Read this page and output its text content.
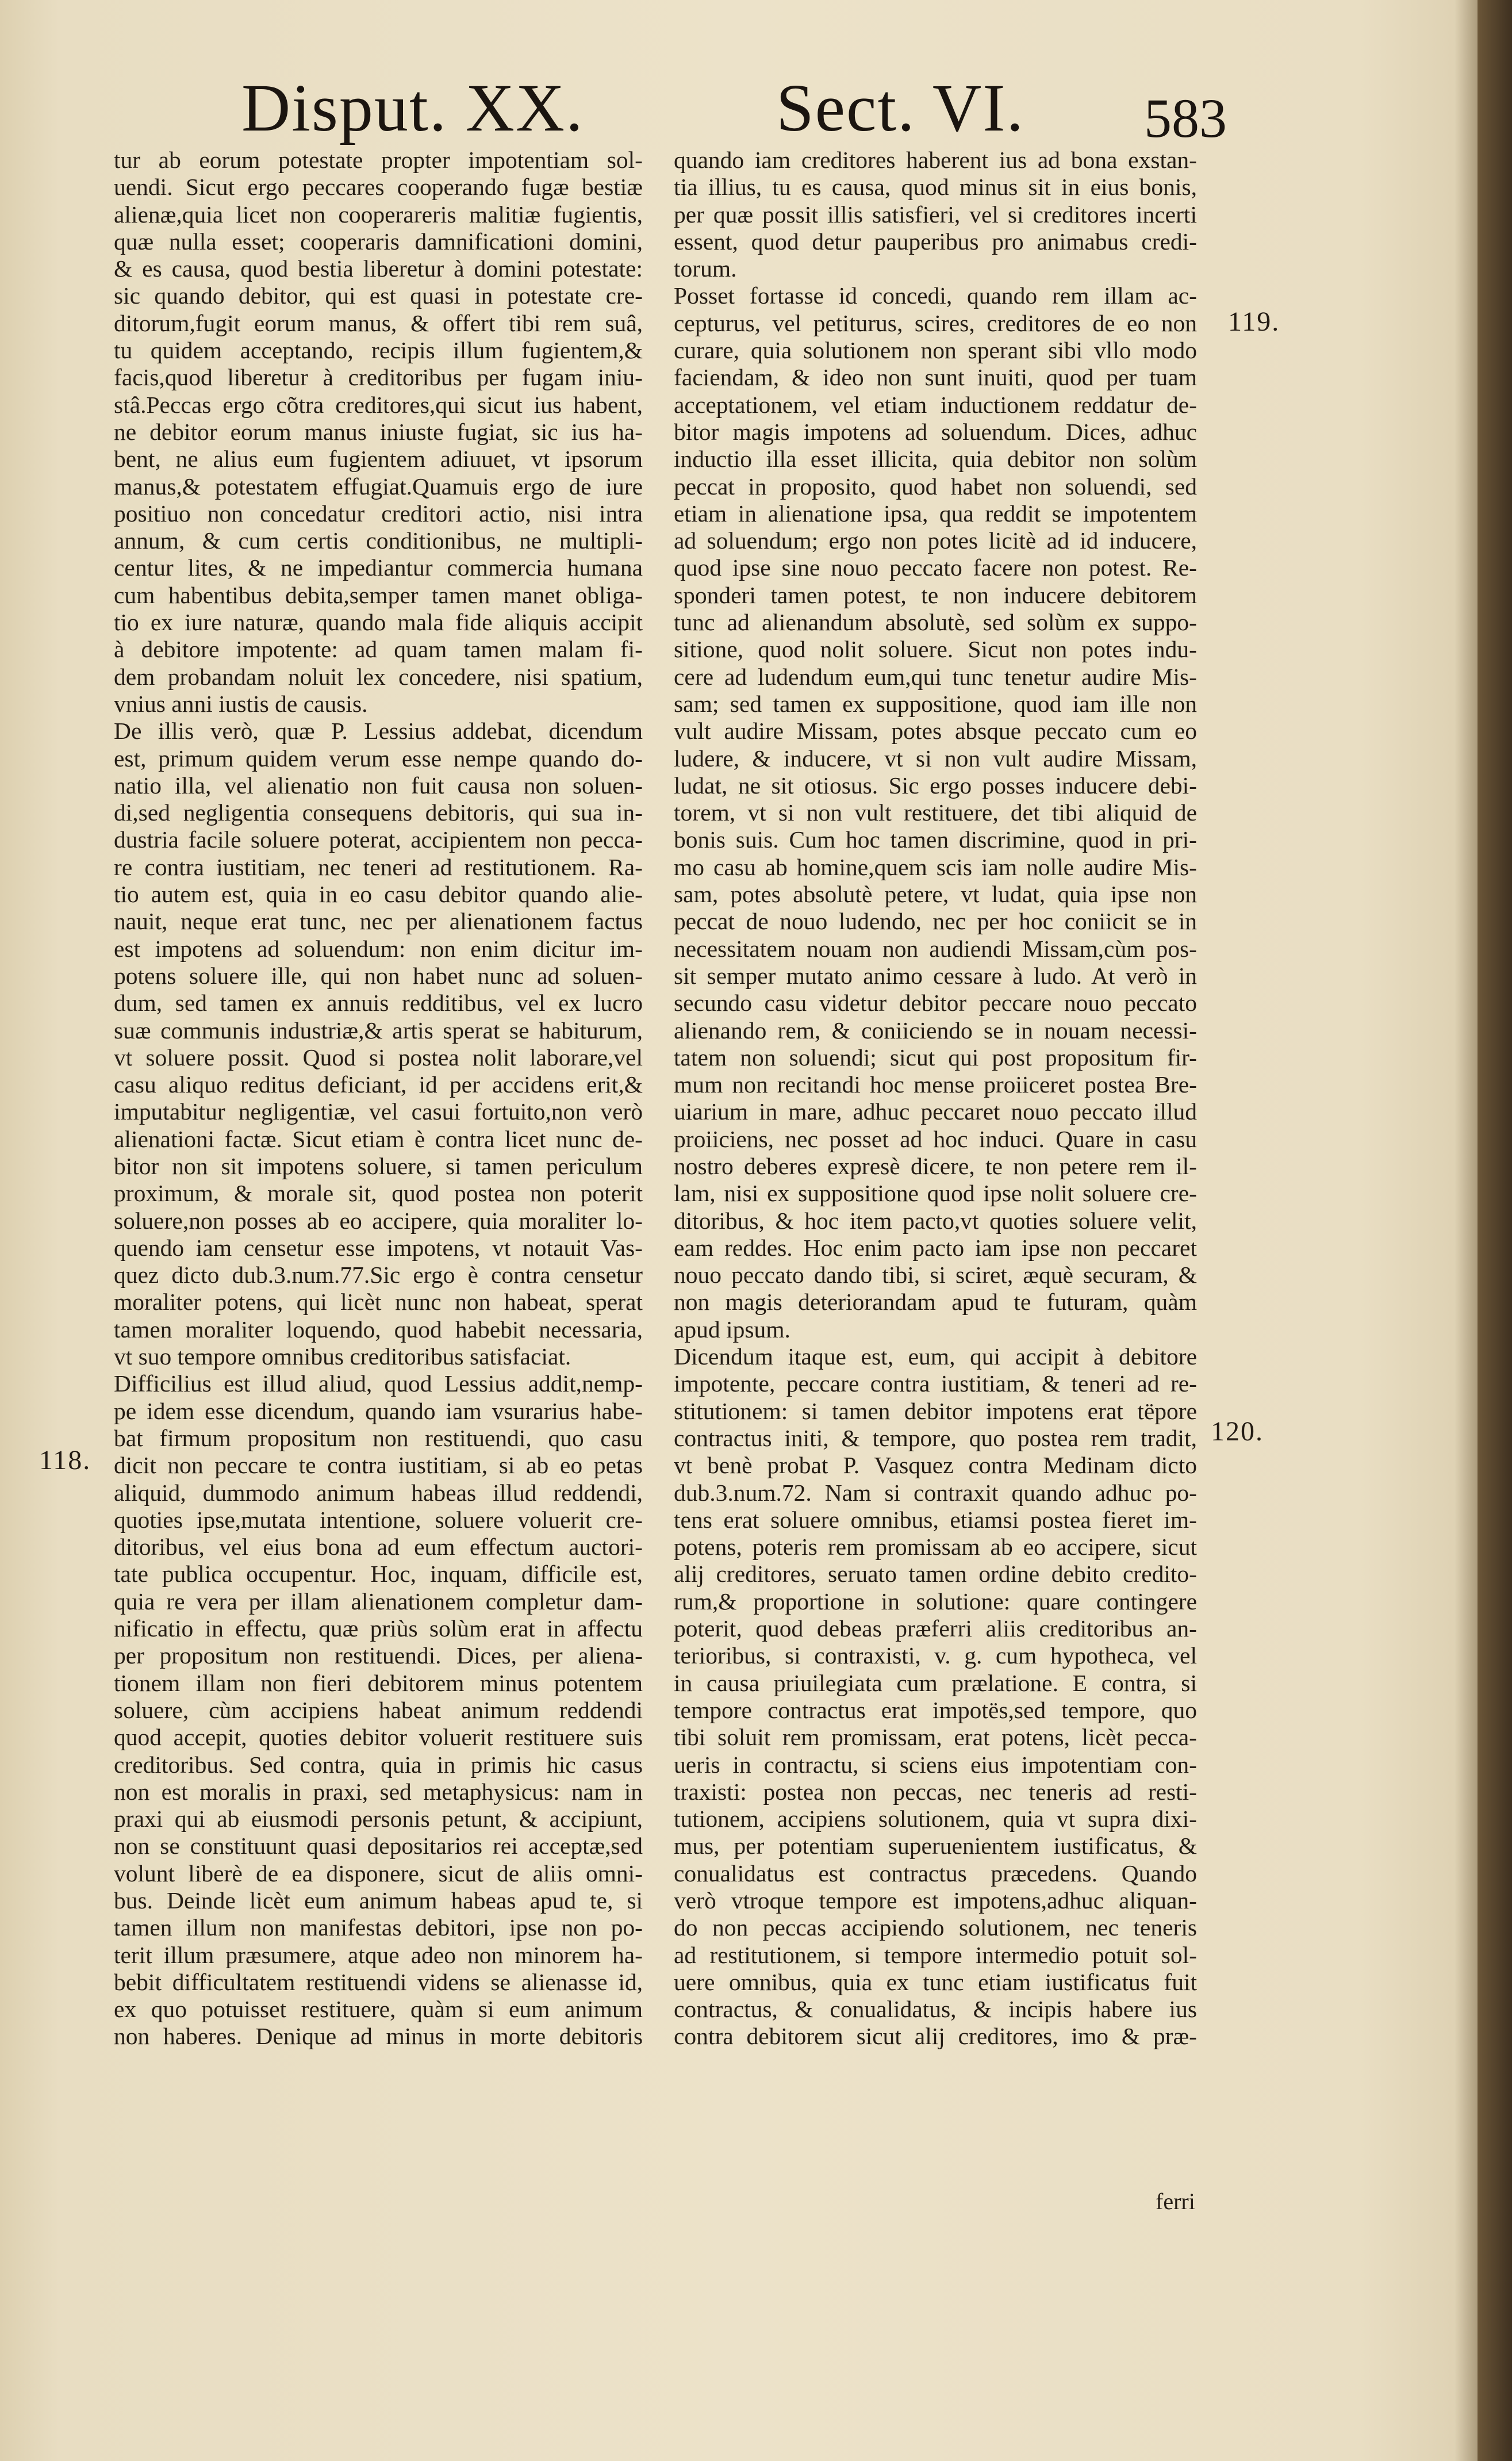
Disput. XX.	Sect. VI. 583
tur ab eorum potestate propter impotentiam sol-
uendi. Sicut ergo peccares cooperando fugæ bestiæ
alienæ,quia licet non cooperareris malitiæ fugientis,
quæ nulla esset; cooperaris damnificationi domini,
& es causa, quod bestia liberetur à domini potestate:
sic quando debitor, qui est quasi in potestate cre-
ditorum,fugit eorum manus, & offert tibi rem suâ,
tu quidem acceptando, recipis illum fugientem,&
facis,quod liberetur à creditoribus per fugam iniu-
stâ.Peccas ergo cõtra creditores,qui sicut ius habent,
ne debitor eorum manus iniuste fugiat, sic ius ha-
bent, ne alius eum fugientem adiuuet, vt ipsorum
manus,& potestatem effugiat.Quamuis ergo de iure
positiuo non concedatur creditori actio, nisi intra
annum, & cum certis conditionibus, ne multipli-
centur lites, & ne impediantur commercia humana
cum habentibus debita,semper tamen manet obliga-
tio ex iure naturæ, quando mala fide aliquis accipit
à debitore impotente: ad quam tamen malam fi-
dem probandam noluit lex concedere, nisi spatium,
vnius anni iustis de causis.
De illis verò, quæ P. Lessius addebat, dicendum
est, primum quidem verum esse nempe quando do-
natio illa, vel alienatio non fuit causa non soluen-
di,sed negligentia consequens debitoris, qui sua in-
dustria facile soluere poterat, accipientem non pecca-
re contra iustitiam, nec teneri ad restitutionem. Ra-
tio autem est, quia in eo casu debitor quando alie-
nauit, neque erat tunc, nec per alienationem factus
est impotens ad soluendum: non enim dicitur im-
potens soluere ille, qui non habet nunc ad soluen-
dum, sed tamen ex annuis redditibus, vel ex lucro
suæ communis industriæ,& artis sperat se habiturum,
vt soluere possit. Quod si postea nolit laborare,vel
casu aliquo reditus deficiant, id per accidens erit,&
imputabitur negligentiæ, vel casui fortuito,non verò
alienationi factæ. Sicut etiam è contra licet nunc de-
bitor non sit impotens soluere, si tamen periculum
proximum, & morale sit, quod postea non poterit
soluere,non posses ab eo accipere, quia moraliter lo-
quendo iam censetur esse impotens, vt notauit Vas-
quez dicto dub.3.num.77.Sic ergo è contra censetur
moraliter potens, qui licèt nunc non habeat, sperat
tamen moraliter loquendo, quod habebit necessaria,
vt suo tempore omnibus creditoribus satisfaciat.
Difficilius est illud aliud, quod Lessius addit,nemp-
pe idem esse dicendum, quando iam vsurarius habe-
bat firmum propositum non restituendi, quo casu
dicit non peccare te contra iustitiam, si ab eo petas
aliquid, dummodo animum habeas illud reddendi,
quoties ipse,mutata intentione, soluere voluerit cre-
ditoribus, vel eius bona ad eum effectum auctori-
tate publica occupentur. Hoc, inquam, difficile est,
quia re vera per illam alienationem completur dam-
nificatio in effectu, quæ priùs solùm erat in affectu
per propositum non restituendi. Dices, per aliena-
tionem illam non fieri debitorem minus potentem
soluere, cùm accipiens habeat animum reddendi
quod accepit, quoties debitor voluerit restituere suis
creditoribus. Sed contra, quia in primis hic casus
non est moralis in praxi, sed metaphysicus: nam in
praxi qui ab eiusmodi personis petunt, & accipiunt,
non se constituunt quasi depositarios rei acceptæ,sed
volunt liberè de ea disponere, sicut de aliis omni-
bus. Deinde licèt eum animum habeas apud te, si
tamen illum non manifestas debitori, ipse non po-
terit illum præsumere, atque adeo non minorem ha-
bebit difficultatem restituendi videns se alienasse id,
ex quo potuisset restituere, quàm si eum animum
non haberes. Denique ad minus in morte debitoris
quando iam creditores haberent ius ad bona exstan-
tia illius, tu es causa, quod minus sit in eius bonis,
per quæ possit illis satisfieri, vel si creditores incerti
essent, quod detur pauperibus pro animabus credi-
torum.
Posset fortasse id concedi, quando rem illam ac-
cepturus, vel petiturus, scires, creditores de eo non
curare, quia solutionem non sperant sibi vllo modo
faciendam, & ideo non sunt inuiti, quod per tuam
acceptationem, vel etiam inductionem reddatur de-
bitor magis impotens ad soluendum. Dices, adhuc
inductio illa esset illicita, quia debitor non solùm
peccat in proposito, quod habet non soluendi, sed
etiam in alienatione ipsa, qua reddit se impotentem
ad soluendum; ergo non potes licitè ad id inducere,
quod ipse sine nouo peccato facere non potest. Re-
sponderi tamen potest, te non inducere debitorem
tunc ad alienandum absolutè, sed solùm ex suppo-
sitione, quod nolit soluere. Sicut non potes indu-
cere ad ludendum eum,qui tunc tenetur audire Mis-
sam; sed tamen ex suppositione, quod iam ille non
vult audire Missam, potes absque peccato cum eo
ludere, & inducere, vt si non vult audire Missam,
ludat, ne sit otiosus. Sic ergo posses inducere debi-
torem, vt si non vult restituere, det tibi aliquid de
bonis suis. Cum hoc tamen discrimine, quod in pri-
mo casu ab homine,quem scis iam nolle audire Mis-
sam, potes absolutè petere, vt ludat, quia ipse non
peccat de nouo ludendo, nec per hoc coniicit se in
necessitatem nouam non audiendi Missam,cùm pos-
sit semper mutato animo cessare à ludo. At verò in
secundo casu videtur debitor peccare nouo peccato
alienando rem, & coniiciendo se in nouam necessi-
tatem non soluendi; sicut qui post propositum fir-
mum non recitandi hoc mense proiiceret postea Bre-
uiarium in mare, adhuc peccaret nouo peccato illud
proiiciens, nec posset ad hoc induci. Quare in casu
nostro deberes expresè dicere, te non petere rem il-
lam, nisi ex suppositione quod ipse nolit soluere cre-
ditoribus, & hoc item pacto,vt quoties soluere velit,
eam reddes. Hoc enim pacto iam ipse non peccaret
nouo peccato dando tibi, si sciret, æquè securam, &
non magis deteriorandam apud te futuram, quàm
apud ipsum.
Dicendum itaque est, eum, qui accipit à debitore
impotente, peccare contra iustitiam, & teneri ad re-
stitutionem: si tamen debitor impotens erat tëpore
contractus initi, & tempore, quo postea rem tradit,
vt benè probat P. Vasquez contra Medinam dicto
dub.3.num.72. Nam si contraxit quando adhuc po-
tens erat soluere omnibus, etiamsi postea fieret im-
potens, poteris rem promissam ab eo accipere, sicut
alij creditores, seruato tamen ordine debito credito-
rum,& proportione in solutione: quare contingere
poterit, quod debeas præferri aliis creditoribus an-
terioribus, si contraxisti, v. g. cum hypotheca, vel
in causa priuilegiata cum prælatione. E contra, si
tempore contractus erat impotës,sed tempore, quo
tibi soluit rem promissam, erat potens, licèt pecca-
ueris in contractu, si sciens eius impotentiam con-
traxisti: postea non peccas, nec teneris ad resti-
tutionem, accipiens solutionem, quia vt supra dixi-
mus, per potentiam superuenientem iustificatus, &
conualidatus est contractus præcedens. Quando
verò vtroque tempore est impotens,adhuc aliquan-
do non peccas accipiendo solutionem, nec teneris
ad restitutionem, si tempore intermedio potuit sol-
uere omnibus, quia ex tunc etiam iustificatus fuit
contractus, & conualidatus, & incipis habere ius
contra debitorem sicut alij creditores, imo & præ-
118.
119.
120.
ferri
